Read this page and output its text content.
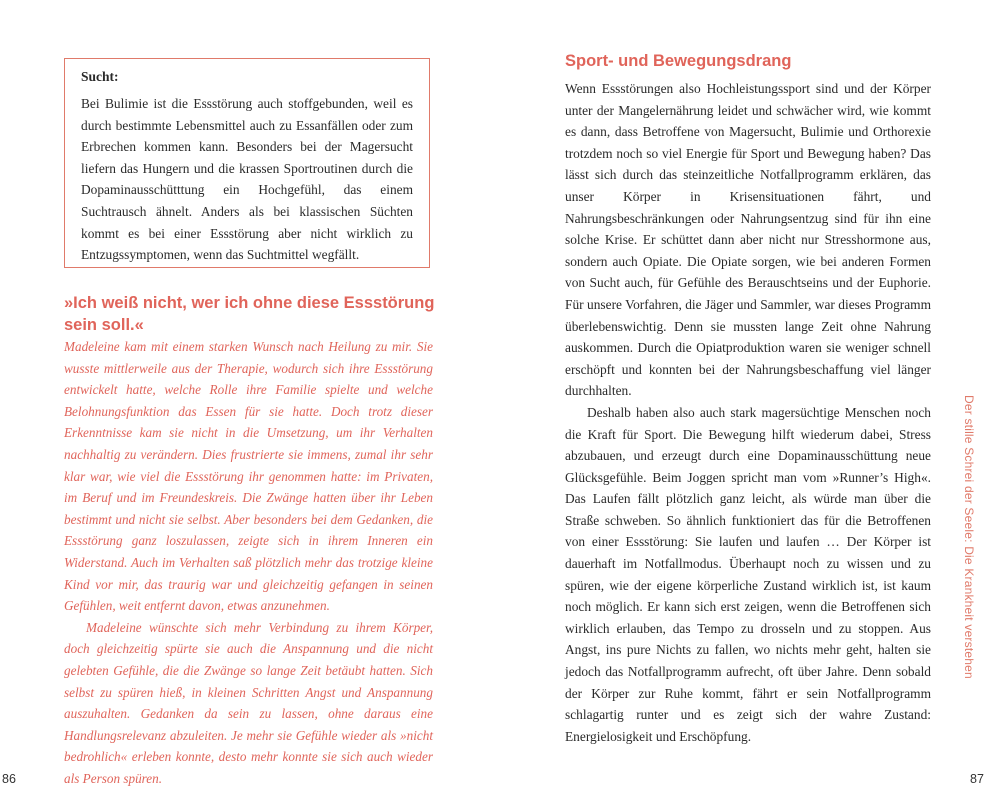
Sucht:

Bei Bulimie ist die Essstörung auch stoffgebunden, weil es durch bestimmte Lebensmittel auch zu Essanfällen oder zum Erbrechen kommen kann. Besonders bei der Magersucht liefern das Hungern und die krassen Sportroutinen durch die Dopaminausschütttung ein Hochgefühl, das einem Suchtrausch ähnelt. Anders als bei klassischen Süchten kommt es bei einer Essstörung aber nicht wirklich zu Entzugssymptomen, wenn das Suchtmittel wegfällt.

»Ich weiß nicht, wer ich ohne diese Essstörung sein soll.«

Madeleine kam mit einem starken Wunsch nach Heilung zu mir. Sie wusste mittlerweile aus der Therapie, wodurch sich ihre Essstörung entwickelt hatte, welche Rolle ihre Familie spielte und welche Belohnungsfunktion das Essen für sie hatte. Doch trotz dieser Erkenntnisse kam sie nicht in die Umsetzung, um ihr Verhalten nachhaltig zu verändern. Dies frustrierte sie immens, zumal ihr sehr klar war, wie viel die Essstörung ihr genommen hatte: im Privaten, im Beruf und im Freundeskreis. Die Zwänge hatten über ihr Leben bestimmt und nicht sie selbst. Aber besonders bei dem Gedanken, die Essstörung ganz loszulassen, zeigte sich in ihrem Inneren ein Widerstand. Auch im Verhalten saß plötzlich mehr das trotzige kleine Kind vor mir, das traurig war und gleichzeitig gefangen in seinen Gefühlen, weit entfernt davon, etwas anzunehmen.

Madeleine wünschte sich mehr Verbindung zu ihrem Körper, doch gleichzeitig spürte sie auch die Anspannung und die nicht gelebten Gefühle, die die Zwänge so lange Zeit betäubt hatten. Sich selbst zu spüren hieß, in kleinen Schritten Angst und Anspannung auszuhalten. Gedanken da sein zu lassen, ohne daraus eine Handlungsrelevanz abzuleiten. Je mehr sie Gefühle wieder als »nicht bedrohlich« erleben konnte, desto mehr konnte sie sich auch wieder als Person spüren.

86
Sport- und Bewegungsdrang

Wenn Essstörungen also Hochleistungssport sind und der Körper unter der Mangelernährung leidet und schwächer wird, wie kommt es dann, dass Betroffene von Magersucht, Bulimie und Orthorexie trotzdem noch so viel Energie für Sport und Bewegung haben? Das lässt sich durch das steinzeitliche Notfallprogramm erklären, das unser Körper in Krisensituationen fährt, und Nahrungsbeschränkungen oder Nahrungsentzug sind für ihn eine solche Krise. Er schüttet dann aber nicht nur Stresshormone aus, sondern auch Opiate. Die Opiate sorgen, wie bei anderen Formen von Sucht auch, für Gefühle des Berauschtseins und der Euphorie. Für unsere Vorfahren, die Jäger und Sammler, war dieses Programm überlebenswichtig. Denn sie mussten lange Zeit ohne Nahrung auskommen. Durch die Opiatproduktion waren sie weniger schnell erschöpft und konnten bei der Nahrungsbeschaffung viel länger durchhalten.

Deshalb haben also auch stark magersüchtige Menschen noch die Kraft für Sport. Die Bewegung hilft wiederum dabei, Stress abzubauen, und erzeugt durch eine Dopaminausschüttung neue Glücksgefühle. Beim Joggen spricht man vom »Runner’s High«. Das Laufen fällt plötzlich ganz leicht, als würde man über die Straße schweben. So ähnlich funktioniert das für die Betroffenen von einer Essstörung: Sie laufen und laufen … Der Körper ist dauerhaft im Notfallmodus. Überhaupt noch zu wissen und zu spüren, wie der eigene körperliche Zustand wirklich ist, ist kaum noch möglich. Er kann sich erst zeigen, wenn die Betroffenen sich wirklich erlauben, das Tempo zu drosseln und zu stoppen. Aus Angst, ins pure Nichts zu fallen, wo nichts mehr geht, halten sie jedoch das Notfallprogramm aufrecht, oft über Jahre. Denn sobald der Körper zur Ruhe kommt, fährt er sein Notfallprogramm schlagartig runter und es zeigt sich der wahre Zustand: Energielosigkeit und Erschöpfung.

Der stille Schrei der Seele: Die Krankheit verstehen
87
